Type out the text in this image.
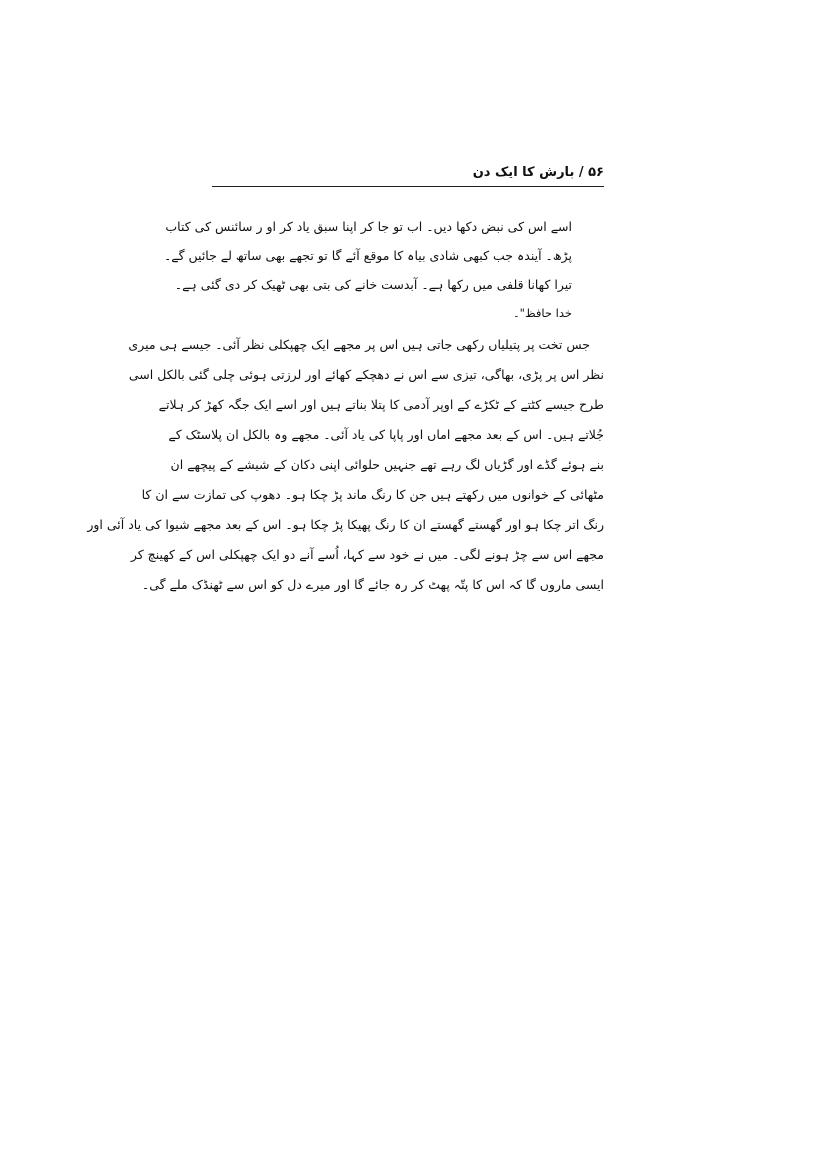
۵۶ / بارش کا ایک دن
اسے اس کی نبض دکھا دیں۔ اب تو جا کر اپنا سبق یاد کر او ر سائنس کی کتاب
پڑھ۔ آیندہ جب کبھی شادی بیاہ کا موقع آئے گا تو تجھے بھی ساتھ لے جائیں گے۔
تیرا کھانا قلفی میں رکھا ہے۔ آبدست خانے کی بتی بھی ٹھیک کر دی گئی ہے۔
خدا حافظ"۔
جس تخت پر پتیلیاں رکھی جاتی ہیں اس پر مجھے ایک چھپکلی نظر آئی۔ جیسے ہی میری
نظر اس پر پڑی، بھاگی، تیزی سے اس نے دھچکے کھائے اور لرزتی ہوئی چلی گئی بالکل اسی
طرح جیسے کٹتے کے ٹکڑے کے اوپر آدمی کا پتلا بناتے ہیں اور اسے ایک جگہ کھڑ کر ہلاتے
جُلاتے ہیں۔ اس کے بعد مجھے اماں اور پاپا کی یاد آئی۔ مجھے وہ بالکل ان پلاسٹک کے
بنے ہوئے گڈے اور گڑیاں لگ رہے تھے جنہیں حلوائی اپنی دکان کے شیشے کے پیچھے ان
مٹھائی کے خوانوں میں رکھتے ہیں جن کا رنگ ماند پڑ چکا ہو۔ دھوپ کی تمازت سے ان کا
رنگ اتر چکا ہو اور گھستے گھستے ان کا رنگ پھیکا پڑ چکا ہو۔ اس کے بعد مجھے شیوا کی یاد آئی اور
مجھے اس سے چڑ ہونے لگی۔ میں نے خود سے کہا، اُسے آنے دو ایک چھپکلی اس کے کھینچ کر
ایسی ماروں گا کہ اس کا پتّہ پھٹ کر رہ جائے گا اور میرے دل کو اس سے ٹھنڈک ملے گی۔
